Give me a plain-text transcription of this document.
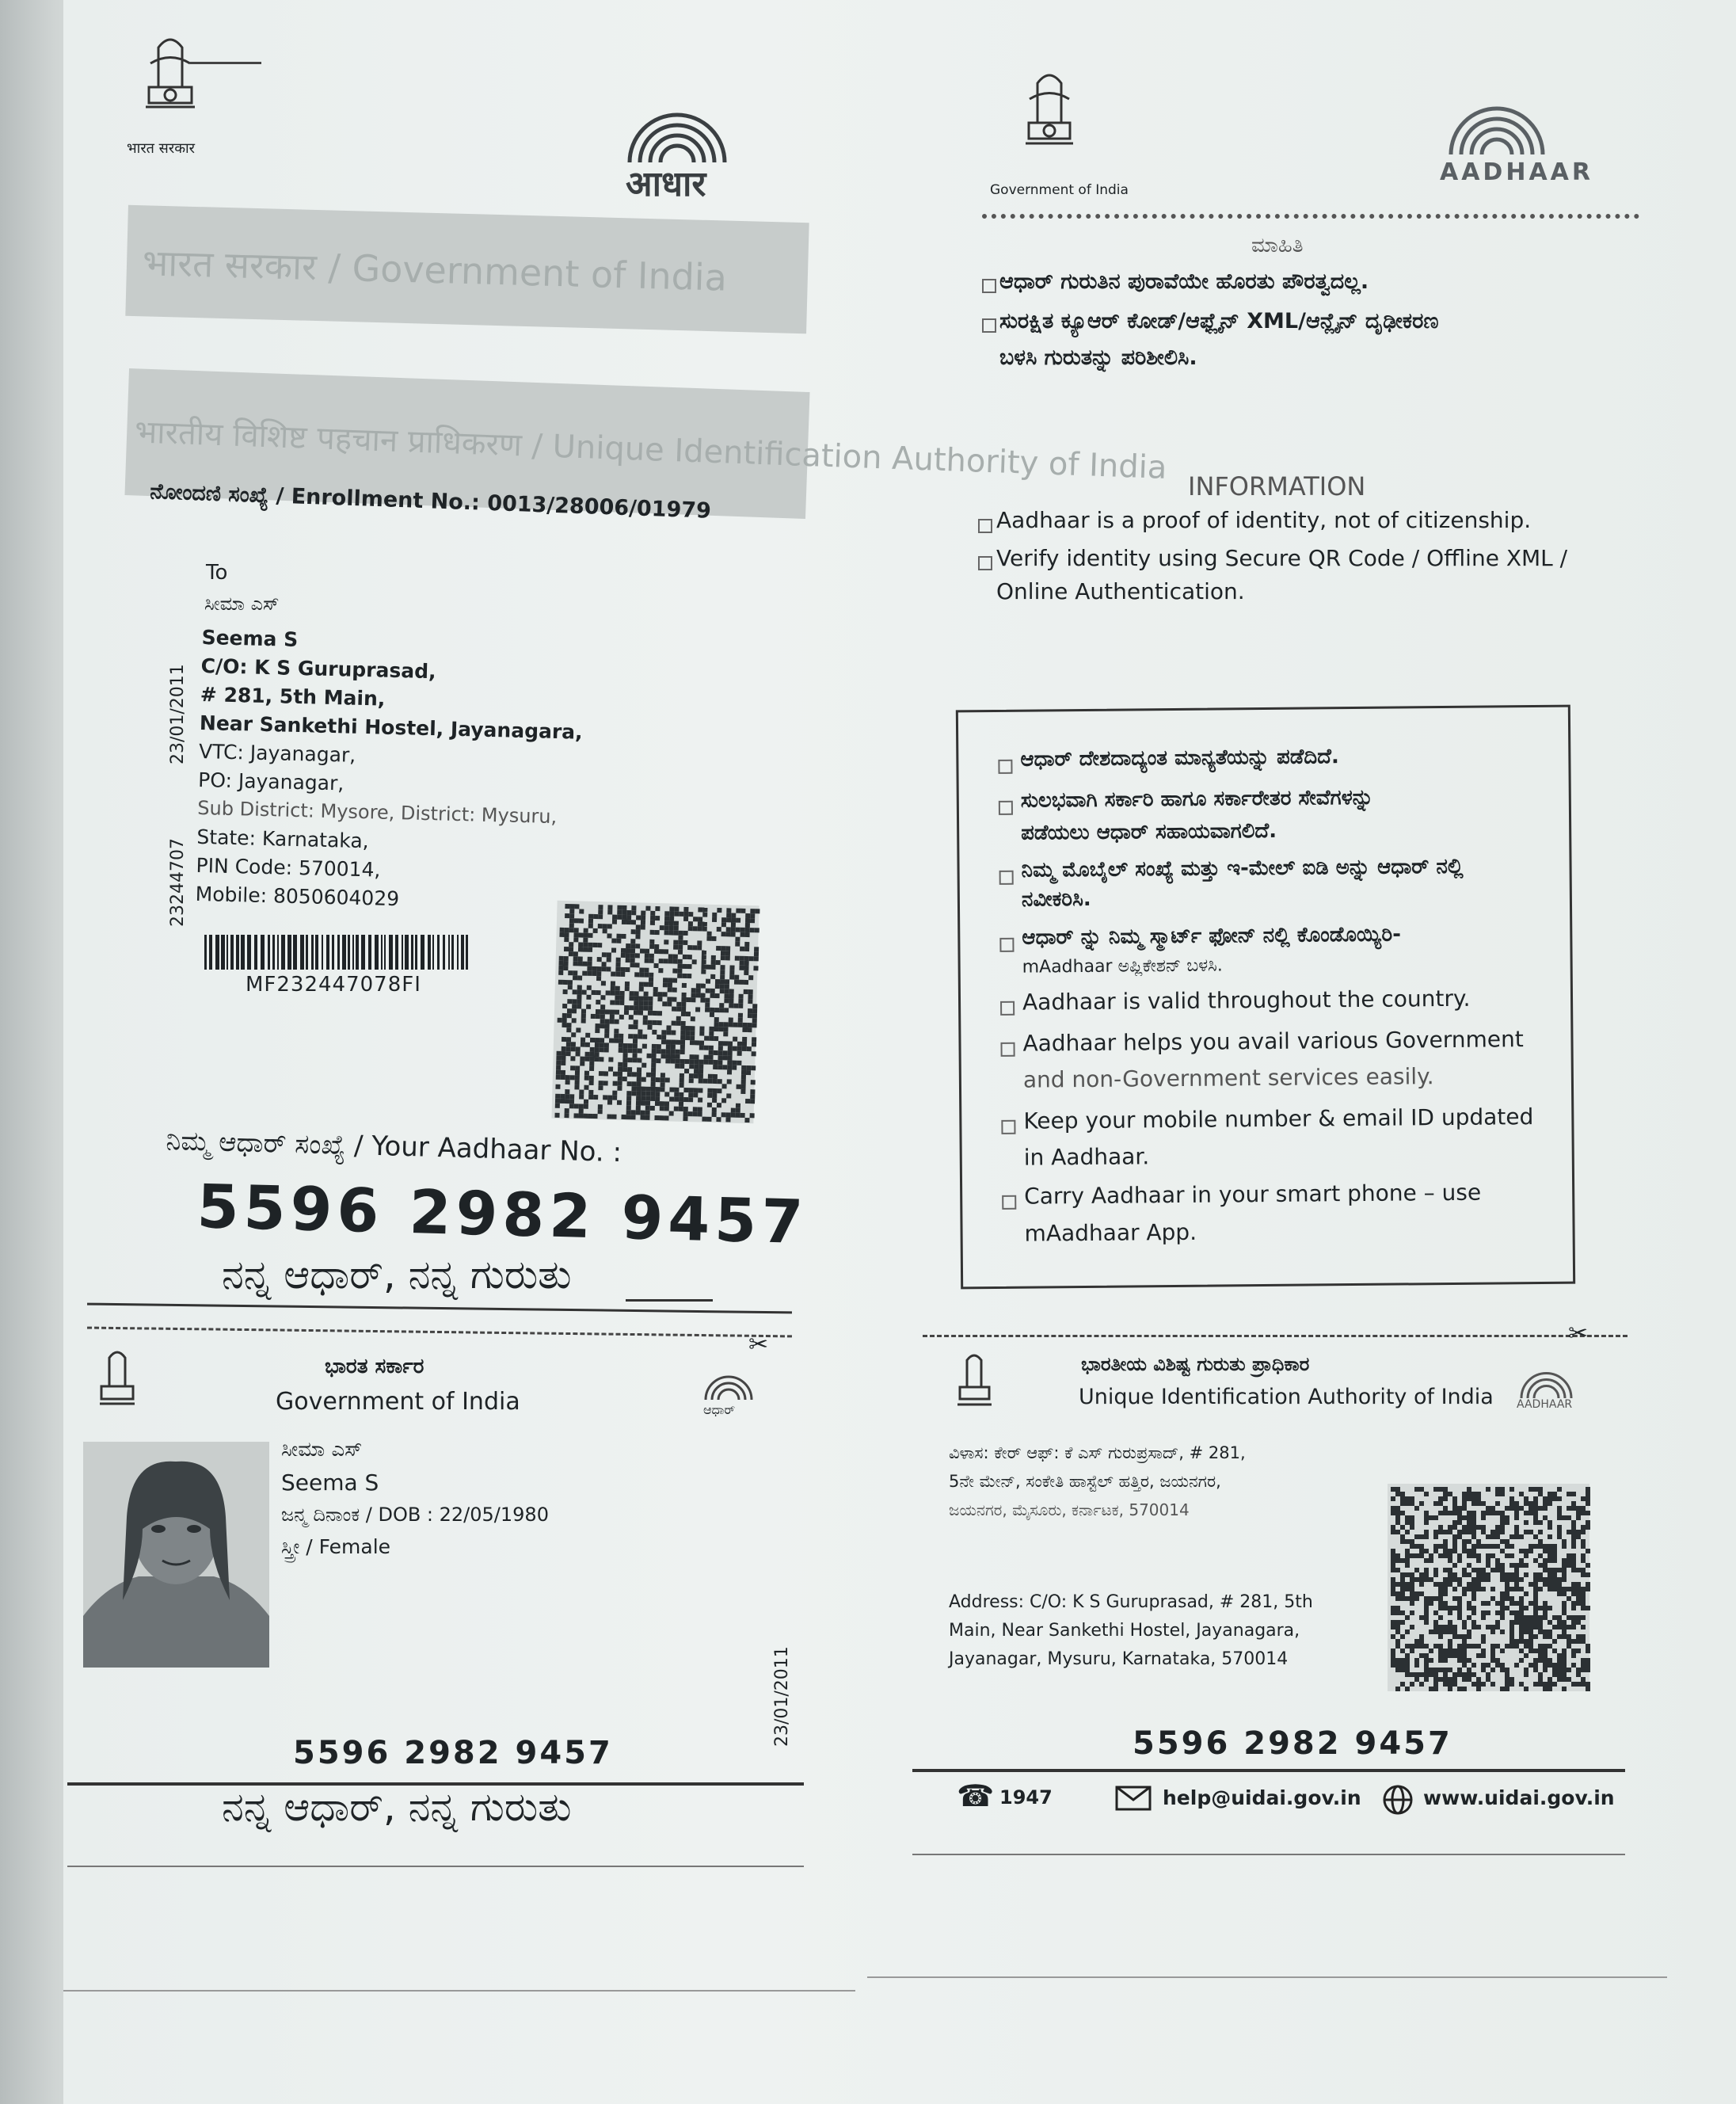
भारत सरकार
आधार
भारत सरकार / Government of India
भारतीय विशिष्ट पहचान प्राधिकरण / Unique Identification Authority of India
ನೋಂದಣಿ ಸಂಖ್ಯೆ / Enrollment No.: 0013/28006/01979
To
ಸೀಮಾ ಎಸ್
Seema S
C/O: K S Guruprasad,
# 281, 5th Main,
Near Sankethi Hostel, Jayanagara,
VTC: Jayanagar,
PO: Jayanagar,
Sub District: Mysore, District: Mysuru,
State: Karnataka,
PIN Code: 570014,
Mobile: 8050604029
23/01/2011
23244707
MF232447078FI
ನಿಮ್ಮ ಆಧಾರ್ ಸಂಖ್ಯೆ / Your Aadhaar No. :
5596 2982 9457
ನನ್ನ ಆಧಾರ್, ನನ್ನ ಗುರುತು
Government of India
AADHAAR
ಮಾಹಿತಿ
ಆಧಾರ್ ಗುರುತಿನ ಪುರಾವೆಯೇ ಹೊರತು ಪೌರತ್ವದಲ್ಲ.
ಸುರಕ್ಷಿತ ಕ್ಯೂಆರ್ ಕೋಡ್/ಆಫ್ಲೈನ್ XML/ಆನ್ಲೈನ್ ದೃಢೀಕರಣ
ಬಳಸಿ ಗುರುತನ್ನು ಪರಿಶೀಲಿಸಿ.
INFORMATION
Aadhaar is a proof of identity, not of citizenship.
Verify identity using Secure QR Code / Offline XML /
Online Authentication.
ಆಧಾರ್ ದೇಶದಾದ್ಯಂತ ಮಾನ್ಯತೆಯನ್ನು ಪಡೆದಿದೆ.
ಸುಲಭವಾಗಿ ಸರ್ಕಾರಿ ಹಾಗೂ ಸರ್ಕಾರೇತರ ಸೇವೆಗಳನ್ನು
ಪಡೆಯಲು ಆಧಾರ್ ಸಹಾಯವಾಗಲಿದೆ.
ನಿಮ್ಮ ಮೊಬೈಲ್ ಸಂಖ್ಯೆ ಮತ್ತು ಇ-ಮೇಲ್ ಐಡಿ ಅನ್ನು ಆಧಾರ್ ನಲ್ಲಿ
ನವೀಕರಿಸಿ.
ಆಧಾರ್ ನ್ನು ನಿಮ್ಮ ಸ್ಮಾರ್ಟ್ ಫೋನ್ ನಲ್ಲಿ ಕೊಂಡೊಯ್ಯಿರಿ-
mAadhaar ಅಪ್ಲಿಕೇಶನ್ ಬಳಸಿ.
Aadhaar is valid throughout the country.
Aadhaar helps you avail various Government
and non-Government services easily.
Keep your mobile number & email ID updated
in Aadhaar.
Carry Aadhaar in your smart phone – use
mAadhaar App.
✂	✂
ಭಾರತ ಸರ್ಕಾರ
Government of India	ಆಧಾರ್
ಸೀಮಾ ಎಸ್
Seema S
ಜನ್ಮ ದಿನಾಂಕ / DOB : 22/05/1980
ಸ್ತ್ರೀ / Female
23/01/2011
5596 2982 9457
ನನ್ನ ಆಧಾರ್, ನನ್ನ ಗುರುತು
ಭಾರತೀಯ ವಿಶಿಷ್ಟ ಗುರುತು ಪ್ರಾಧಿಕಾರ
Unique Identification Authority of India AADHAAR
ವಿಳಾಸ: ಕೇರ್ ಆಫ್: ಕೆ ಎಸ್ ಗುರುಪ್ರಸಾದ್, # 281,
5ನೇ ಮೇನ್, ಸಂಕೇತಿ ಹಾಸ್ಟೆಲ್ ಹತ್ತಿರ, ಜಯನಗರ,
ಜಯನಗರ, ಮೈಸೂರು, ಕರ್ನಾಟಕ, 570014
Address: C/O: K S Guruprasad, # 281, 5th
Main, Near Sankethi Hostel, Jayanagara,
Jayanagar, Mysuru, Karnataka, 570014
5596 2982 9457
☎ 1947	help@uidai.gov.in	www.uidai.gov.in
